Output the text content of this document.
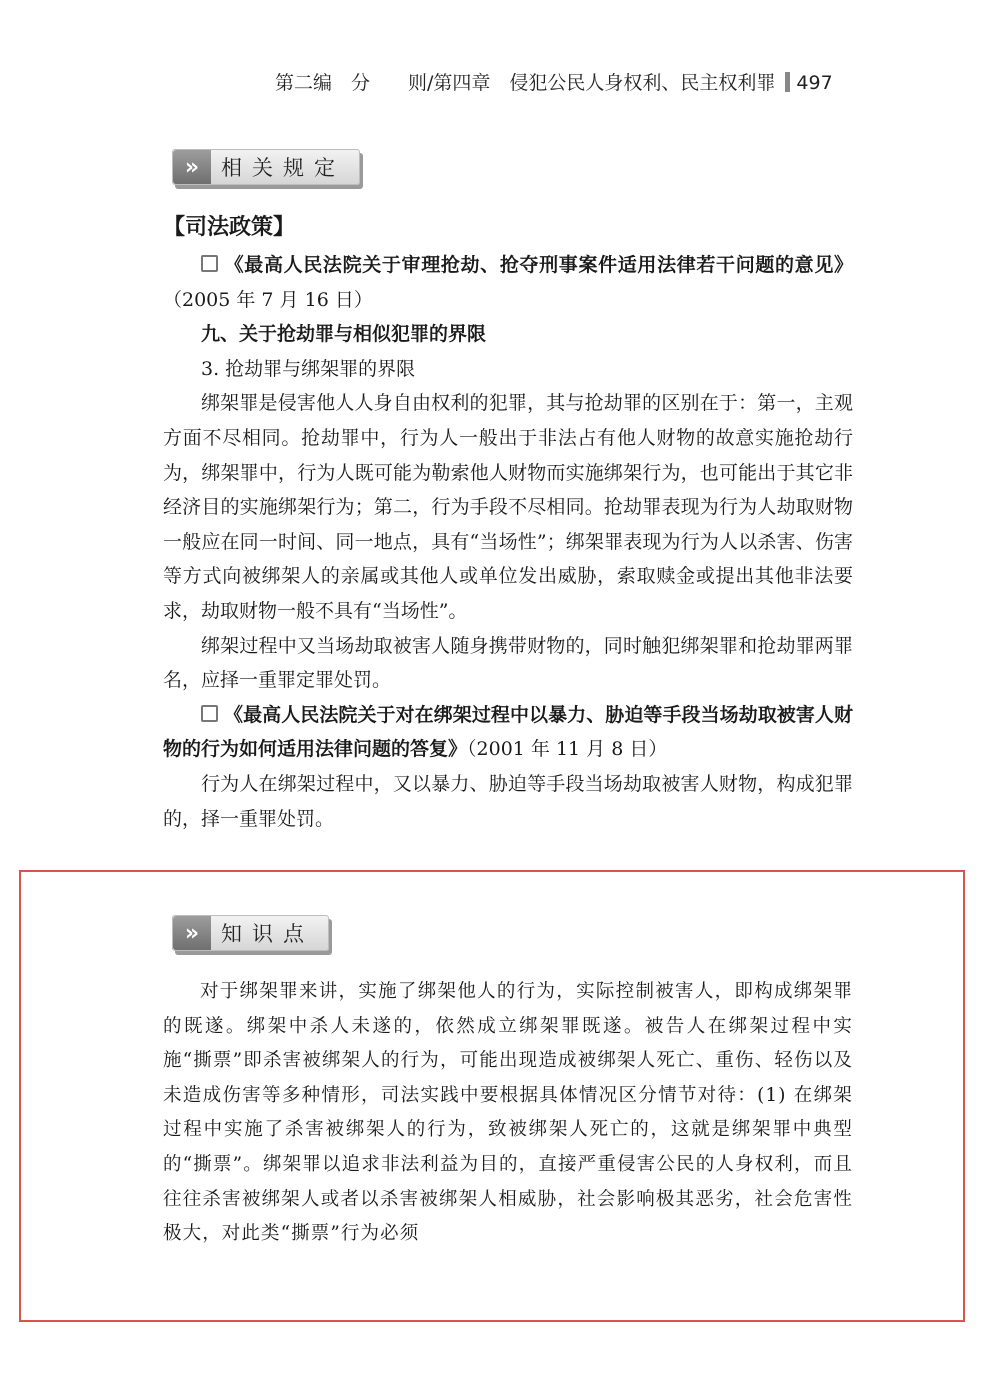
第二编　分　　则/第四章　侵犯公民人身权利、民主权利罪 497
»	相关规定

【司法政策】

《最高人民法院关于审理抢劫、抢夺刑事案件适用法律若干问题的意见》（2005 年 7 月 16 日）

九、关于抢劫罪与相似犯罪的界限

3. 抢劫罪与绑架罪的界限

绑架罪是侵害他人人身自由权利的犯罪，其与抢劫罪的区别在于：第一，主观方面不尽相同。抢劫罪中，行为人一般出于非法占有他人财物的故意实施抢劫行为，绑架罪中，行为人既可能为勒索他人财物而实施绑架行为，也可能出于其它非经济目的实施绑架行为；第二，行为手段不尽相同。抢劫罪表现为行为人劫取财物一般应在同一时间、同一地点，具有“当场性”；绑架罪表现为行为人以杀害、伤害等方式向被绑架人的亲属或其他人或单位发出威胁，索取赎金或提出其他非法要求，劫取财物一般不具有“当场性”。

绑架过程中又当场劫取被害人随身携带财物的，同时触犯绑架罪和抢劫罪两罪名，应择一重罪定罪处罚。

《最高人民法院关于对在绑架过程中以暴力、胁迫等手段当场劫取被害人财物的行为如何适用法律问题的答复》（2001 年 11 月 8 日）

行为人在绑架过程中，又以暴力、胁迫等手段当场劫取被害人财物，构成犯罪的，择一重罪处罚。

»	知识点

对于绑架罪来讲，实施了绑架他人的行为，实际控制被害人，即构成绑架罪的既遂。绑架中杀人未遂的，依然成立绑架罪既遂。被告人在绑架过程中实施“撕票”即杀害被绑架人的行为，可能出现造成被绑架人死亡、重伤、轻伤以及未造成伤害等多种情形，司法实践中要根据具体情况区分情节对待：(1) 在绑架过程中实施了杀害被绑架人的行为，致被绑架人死亡的，这就是绑架罪中典型的“撕票”。绑架罪以追求非法利益为目的，直接严重侵害公民的人身权利，而且往往杀害被绑架人或者以杀害被绑架人相威胁，社会影响极其恶劣，社会危害性极大，对此类“撕票”行为必须
